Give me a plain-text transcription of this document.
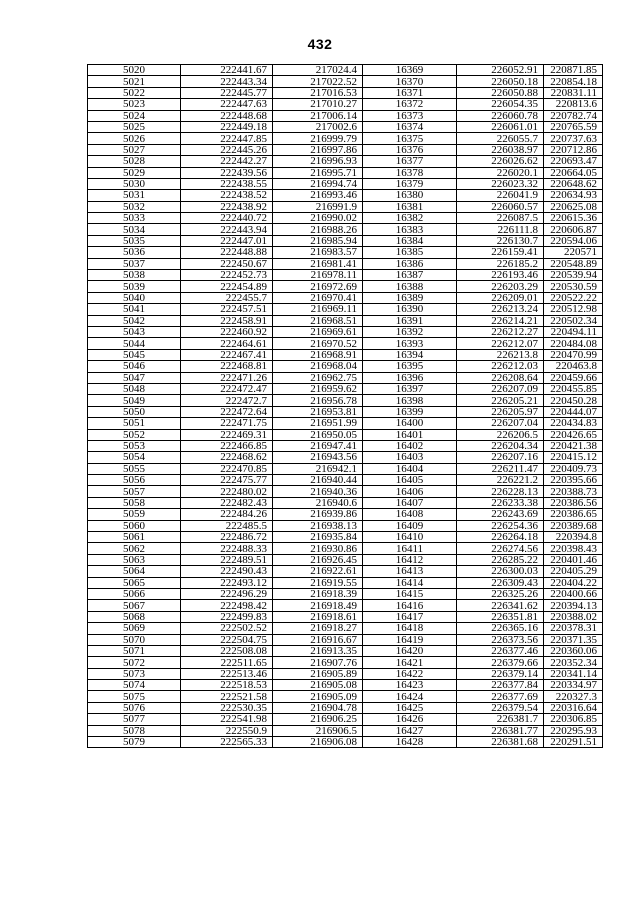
432
5020	222441.67	217024.4	16369	226052.91	220871.85
5021	222443.34	217022.52	16370	226050.18	220854.18
5022	222445.77	217016.53	16371	226050.88	220831.11
5023	222447.63	217010.27	16372	226054.35	220813.6
5024	222448.68	217006.14	16373	226060.78	220782.74
5025	222449.18	217002.6	16374	226061.01	220765.59
5026	222447.85	216999.79	16375	226055.7	220737.63
5027	222445.26	216997.86	16376	226038.97	220712.86
5028	222442.27	216996.93	16377	226026.62	220693.47
5029	222439.56	216995.71	16378	226020.1	220664.05
5030	222438.55	216994.74	16379	226023.32	220648.62
5031	222438.52	216993.46	16380	226041.9	220634.93
5032	222438.92	216991.9	16381	226060.57	220625.08
5033	222440.72	216990.02	16382	226087.5	220615.36
5034	222443.94	216988.26	16383	226111.8	220606.87
5035	222447.01	216985.94	16384	226130.7	220594.06
5036	222448.88	216983.57	16385	226159.41	220571
5037	222450.67	216981.41	16386	226185.2	220548.89
5038	222452.73	216978.11	16387	226193.46	220539.94
5039	222454.89	216972.69	16388	226203.29	220530.59
5040	222455.7	216970.41	16389	226209.01	220522.22
5041	222457.51	216969.11	16390	226213.24	220512.98
5042	222458.91	216968.51	16391	226214.21	220502.34
5043	222460.92	216969.61	16392	226212.27	220494.11
5044	222464.61	216970.52	16393	226212.07	220484.08
5045	222467.41	216968.91	16394	226213.8	220470.99
5046	222468.81	216968.04	16395	226212.03	220463.8
5047	222471.26	216962.75	16396	226208.64	220459.66
5048	222472.47	216959.62	16397	226207.09	220455.85
5049	222472.7	216956.78	16398	226205.21	220450.28
5050	222472.64	216953.81	16399	226205.97	220444.07
5051	222471.75	216951.99	16400	226207.04	220434.83
5052	222469.31	216950.05	16401	226206.5	220426.65
5053	222466.85	216947.41	16402	226204.34	220421.38
5054	222468.62	216943.56	16403	226207.16	220415.12
5055	222470.85	216942.1	16404	226211.47	220409.73
5056	222475.77	216940.44	16405	226221.2	220395.66
5057	222480.02	216940.36	16406	226228.13	220388.73
5058	222482.43	216940.6	16407	226233.38	220386.56
5059	222484.26	216939.86	16408	226243.69	220386.65
5060	222485.5	216938.13	16409	226254.36	220389.68
5061	222486.72	216935.84	16410	226264.18	220394.8
5062	222488.33	216930.86	16411	226274.56	220398.43
5063	222489.51	216926.45	16412	226285.22	220401.46
5064	222490.43	216922.61	16413	226300.03	220405.29
5065	222493.12	216919.55	16414	226309.43	220404.22
5066	222496.29	216918.39	16415	226325.26	220400.66
5067	222498.42	216918.49	16416	226341.62	220394.13
5068	222499.83	216918.61	16417	226351.81	220388.02
5069	222502.52	216918.27	16418	226365.16	220378.31
5070	222504.75	216916.67	16419	226373.56	220371.35
5071	222508.08	216913.35	16420	226377.46	220360.06
5072	222511.65	216907.76	16421	226379.66	220352.34
5073	222513.46	216905.89	16422	226379.14	220341.14
5074	222518.53	216905.08	16423	226377.84	220334.97
5075	222521.58	216905.09	16424	226377.69	220327.3
5076	222530.35	216904.78	16425	226379.54	220316.64
5077	222541.98	216906.25	16426	226381.7	220306.85
5078	222550.9	216906.5	16427	226381.77	220295.93
5079	222565.33	216906.08	16428	226381.68	220291.51
